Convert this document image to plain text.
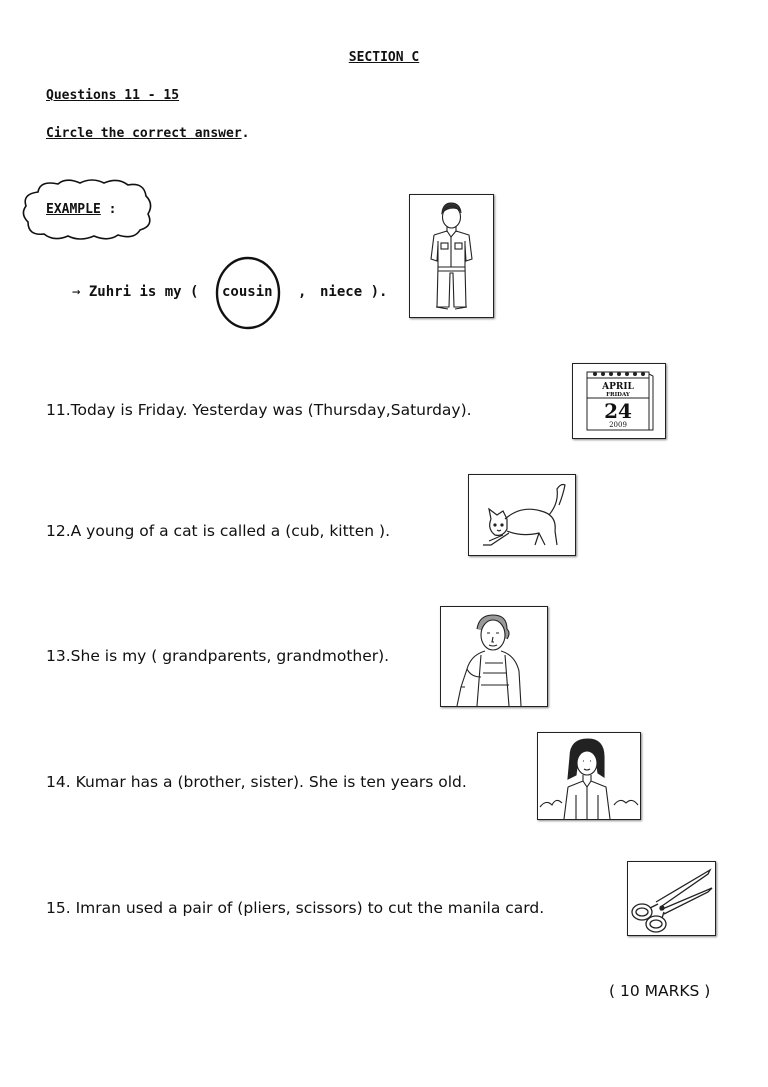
SECTION C
Questions 11 - 15
Circle the correct answer.
EXAMPLE :
→ Zuhri is my ( cousin , niece ).
11.Today is Friday. Yesterday was (Thursday,Saturday).
APRIL
FRIDAY
24
2009
12.A young of a cat is called a (cub, kitten ).
13.She is my ( grandparents, grandmother).
14. Kumar has a (brother, sister). She is ten years old.
15. Imran used a pair of (pliers, scissors) to cut the manila card.
( 10 MARKS )
